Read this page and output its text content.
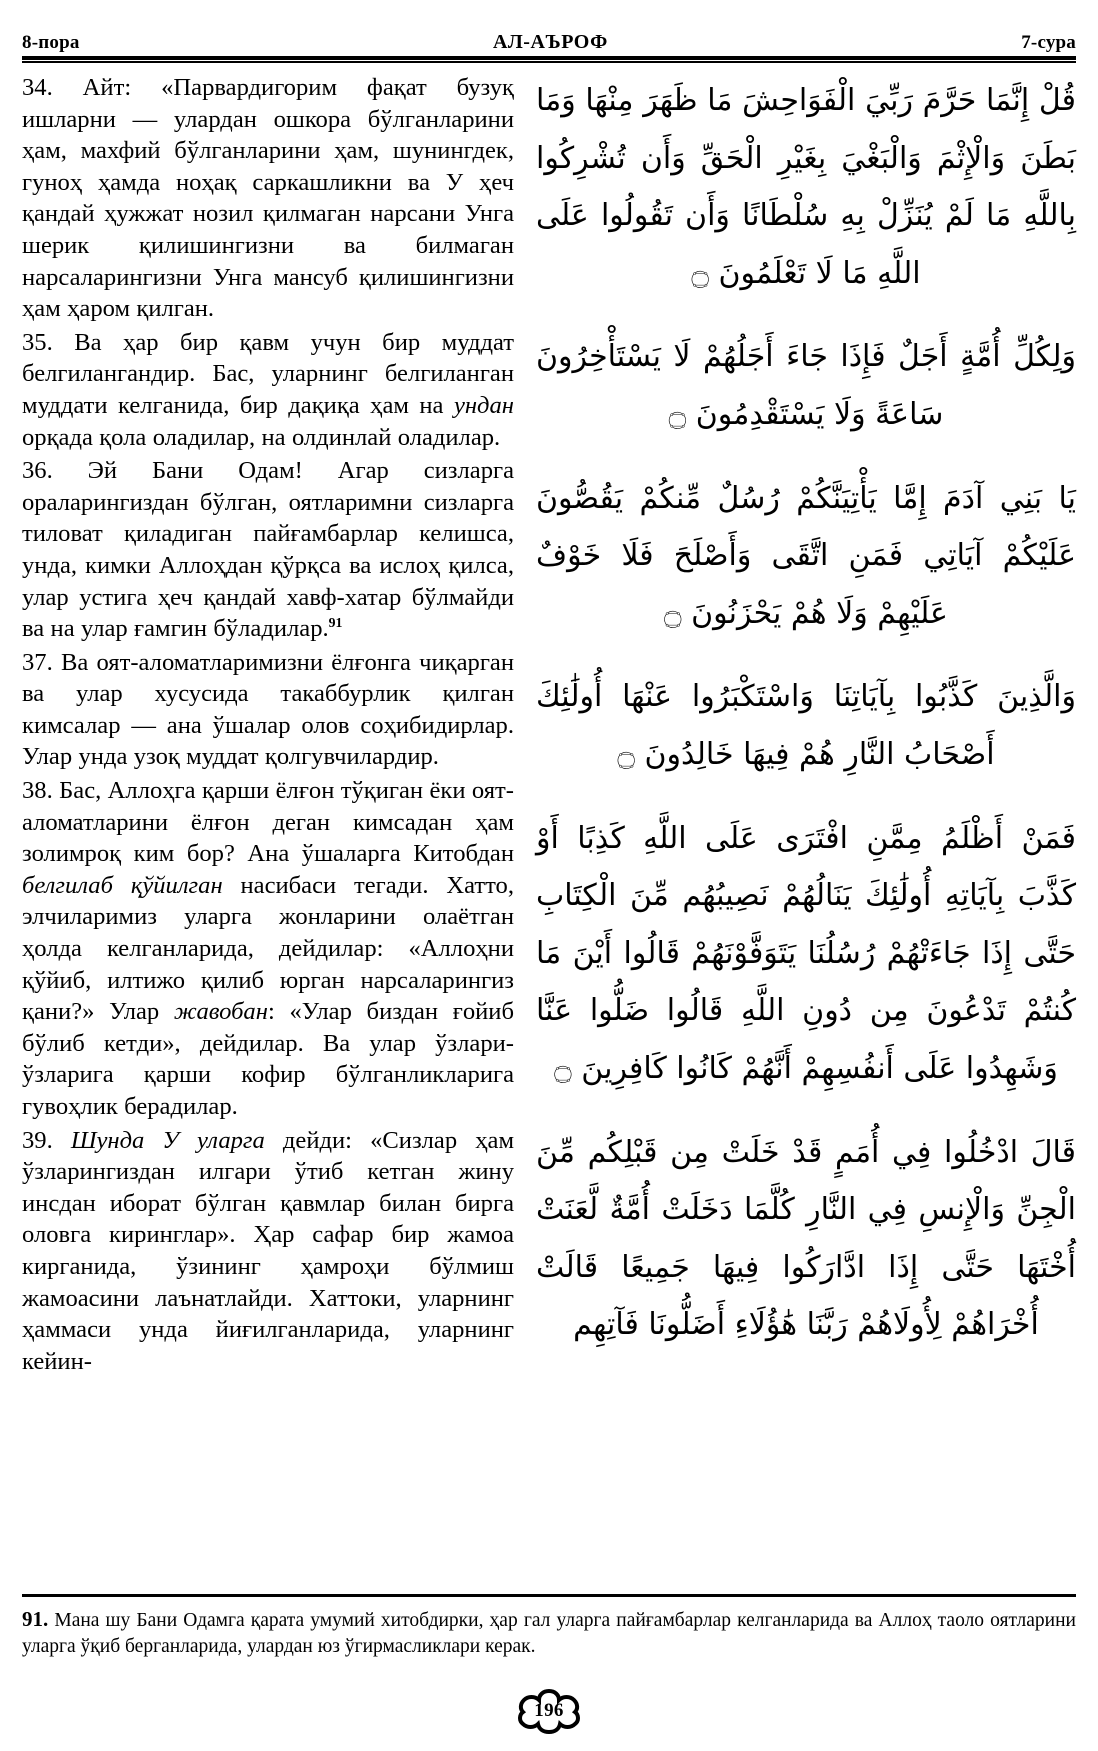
8-пора	АЛ-АЪРОФ	7-сура

34. Айт: «Парвардигорим фақат бузуқ ишларни — улардан ошкора бўлганларини ҳам, махфий бўлганларини ҳам, шунингдек, гуноҳ ҳамда ноҳақ саркашликни ва У ҳеч қандай ҳужжат нозил қилмаган нарсани Унга шерик қилишингизни ва билмаган нарсаларингизни Унга мансуб қилишингизни ҳам ҳаром қилган.

35. Ва ҳар бир қавм учун бир муддат белгилангандир. Бас, уларнинг белгиланган муддати келганида, бир дақиқа ҳам на ундан орқада қола оладилар, на олдинлай оладилар.

36. Эй Бани Одам! Агар сизларга ораларингиздан бўлган, оятларимни сизларга тиловат қиладиган пайғамбарлар келишса, унда, кимки Аллоҳдан қўрқса ва ислоҳ қилса, улар устига ҳеч қандай хавф-хатар бўлмайди ва на улар ғамгин бўладилар.$^{91}$

37. Ва оят-аломатларимизни ёлғонга чиқарган ва улар хусусида такаббурлик қилган кимсалар — ана ўшалар олов соҳибидирлар. Улар унда узоқ муддат қолгувчилардир.

38. Бас, Аллоҳга қарши ёлғон тўқиган ёки оят-аломатларини ёлғон деган кимсадан ҳам золимроқ ким бор? Ана ўшаларга Китобдан белгилаб қўйилган насибаси тегади. Хатто, элчиларимиз уларга жонларини олаётган ҳолда келганларида, дейдилар: «Аллоҳни қўйиб, илтижо қилиб юрган нарсаларингиз қани?» Улар жавобан: «Улар биздан ғойиб бўлиб кетди», дейдилар. Ва улар ўзлари-ўзларига қарши кофир бўлганликларига гувоҳлик берадилар.

39. Шунда У уларга дейди: «Сизлар ҳам ўзларингиздан илгари ўтиб кетган жину инсдан иборат бўлган қавмлар билан бирга оловга киринглар». Ҳар сафар бир жамоа кирганида, ўзининг ҳамроҳи бўлмиш жамоасини лаънатлайди. Хаттоки, уларнинг ҳаммаси унда йиғилганларида, уларнинг кейин-

قُلْ إِنَّمَا حَرَّمَ رَبِّيَ الْفَوَاحِشَ مَا ظَهَرَ مِنْهَا وَمَا بَطَنَ وَالْإِثْمَ وَالْبَغْيَ بِغَيْرِ الْحَقِّ وَأَن تُشْرِكُوا بِاللَّهِ مَا لَمْ يُنَزِّلْ بِهِ سُلْطَانًا وَأَن تَقُولُوا عَلَى اللَّهِ مَا لَا تَعْلَمُونَ ۝

وَلِكُلِّ أُمَّةٍ أَجَلٌ فَإِذَا جَاءَ أَجَلُهُمْ لَا يَسْتَأْخِرُونَ سَاعَةً وَلَا يَسْتَقْدِمُونَ ۝

يَا بَنِي آدَمَ إِمَّا يَأْتِيَنَّكُمْ رُسُلٌ مِّنكُمْ يَقُصُّونَ عَلَيْكُمْ آيَاتِي فَمَنِ اتَّقَى وَأَصْلَحَ فَلَا خَوْفٌ عَلَيْهِمْ وَلَا هُمْ يَحْزَنُونَ ۝

وَالَّذِينَ كَذَّبُوا بِآيَاتِنَا وَاسْتَكْبَرُوا عَنْهَا أُولَٰئِكَ أَصْحَابُ النَّارِ هُمْ فِيهَا خَالِدُونَ ۝

فَمَنْ أَظْلَمُ مِمَّنِ افْتَرَى عَلَى اللَّهِ كَذِبًا أَوْ كَذَّبَ بِآيَاتِهِ أُولَٰئِكَ يَنَالُهُمْ نَصِيبُهُم مِّنَ الْكِتَابِ حَتَّى إِذَا جَاءَتْهُمْ رُسُلُنَا يَتَوَفَّوْنَهُمْ قَالُوا أَيْنَ مَا كُنتُمْ تَدْعُونَ مِن دُونِ اللَّهِ قَالُوا ضَلُّوا عَنَّا وَشَهِدُوا عَلَى أَنفُسِهِمْ أَنَّهُمْ كَانُوا كَافِرِينَ ۝

قَالَ ادْخُلُوا فِي أُمَمٍ قَدْ خَلَتْ مِن قَبْلِكُم مِّنَ الْجِنِّ وَالْإِنسِ فِي النَّارِ كُلَّمَا دَخَلَتْ أُمَّةٌ لَّعَنَتْ أُخْتَهَا حَتَّى إِذَا ادَّارَكُوا فِيهَا جَمِيعًا قَالَتْ أُخْرَاهُمْ لِأُولَاهُمْ رَبَّنَا هَٰؤُلَاءِ أَضَلُّونَا فَآتِهِم

91. Мана шу Бани Одамга қарата умумий хитобдирки, ҳар гал уларга пайғамбарлар келганларида ва Аллоҳ таоло оятларини уларга ўқиб берганларида, улардан юз ўгирмасликлари керак.
196
